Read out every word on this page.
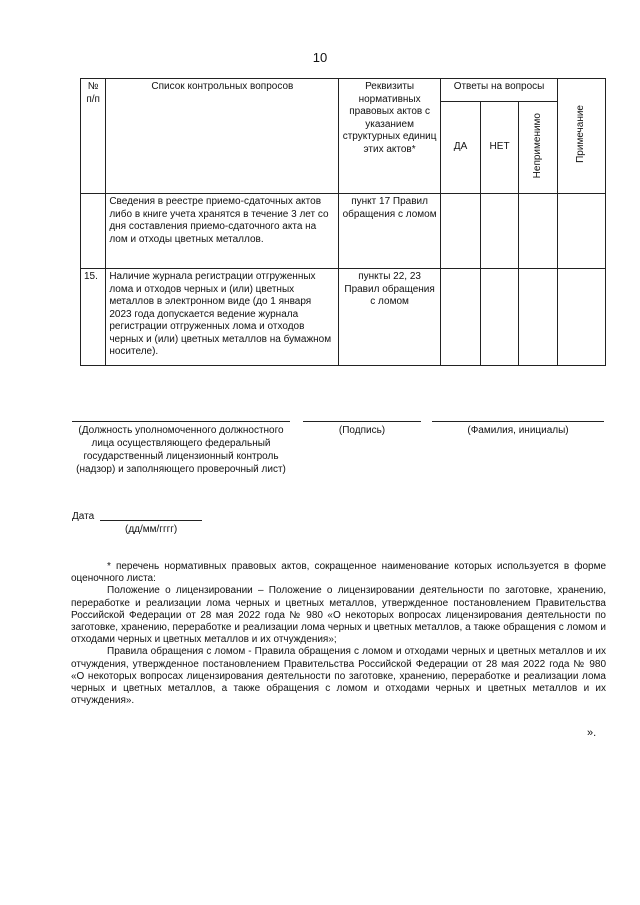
10
№ п/п	Список контрольных вопросов	Реквизиты нормативных правовых актов с указанием структурных единиц этих актов*	Ответы на вопросы			Примечание
			ДА	НЕТ	Неприменимо	
	Сведения в реестре приемо-сдаточных актов либо в книге учета хранятся в течение 3 лет со дня составления приемо-сдаточного акта на лом и отходы цветных металлов.	пункт 17 Правил обращения с ломом				
15.	Наличие журнала регистрации отгруженных лома и отходов черных и (или) цветных металлов в электронном виде (до 1 января 2023 года допускается ведение журнала регистрации отгруженных лома и отходов черных и (или) цветных металлов на бумажном носителе).	пункты 22, 23 Правил обращения с ломом				
(Должность уполномоченного должностного лица осуществляющего федеральный государственный лицензионный контроль (надзор) и заполняющего проверочный лист)
(Подпись)	(Фамилия, инициалы)
Дата
(дд/мм/гггг)

* перечень нормативных правовых актов, сокращенное наименование которых используется в форме оценочного листа:

Положение о лицензировании – Положение о лицензировании деятельности по заготовке, хранению, переработке и реализации лома черных и цветных металлов, утвержденное постановлением Правительства Российской Федерации от 28 мая 2022 года № 980 «О некоторых вопросах лицензирования деятельности по заготовке, хранению, переработке и реализации лома черных и цветных металлов, а также обращения с ломом и отходами черных и цветных металлов и их отчуждения»;

Правила обращения с ломом - Правила обращения с ломом и отходами черных и цветных металлов и их отчуждения, утвержденное постановлением Правительства Российской Федерации от 28 мая 2022 года № 980 «О некоторых вопросах лицензирования деятельности по заготовке, хранению, переработке и реализации лома черных и цветных металлов, а также обращения с ломом и отходами черных и цветных металлов и их отчуждения».

».
